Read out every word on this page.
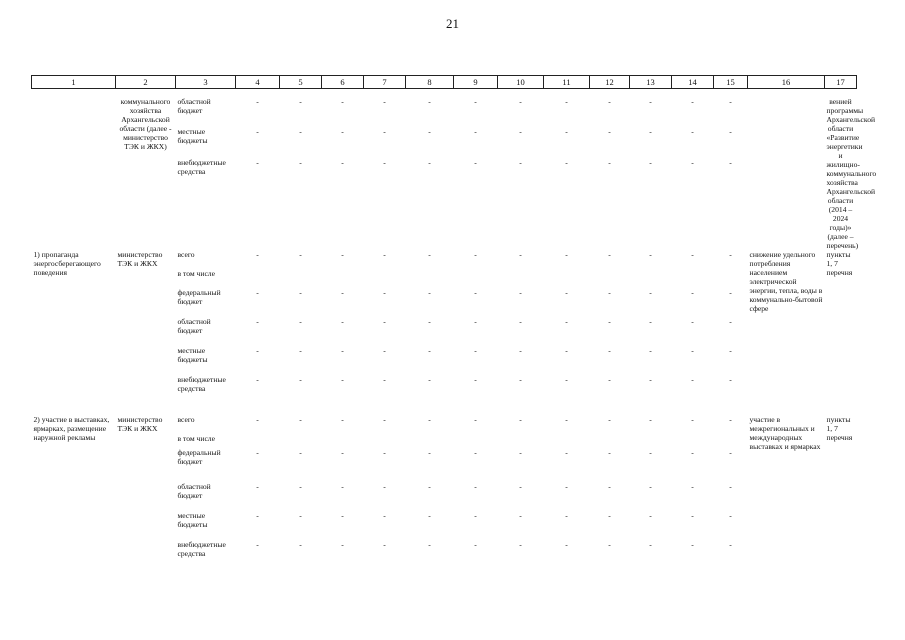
21
1	2	3	4	5	6	7	8	9	10	11	12	13	14	15	16	17

	коммунального хозяйства Архангельской области (далее - министерство ТЭК и ЖКХ)	областной бюджет	-	-	-	-	-	-	-	-	-	-	-	-		венией программы Архангельской области «Развитие энергетики и жилищно-коммунального хозяйства Архангельской области (2014 – 2024 годы)» (далее – перечень)
		местные бюджеты	-	-	-	-	-	-	-	-	-	-	-	-		
		внебюджетные средства	-	-	-	-	-	-	-	-	-	-	-	-		
1) пропаганда энергосберегающего поведения	министерство ТЭК и ЖКХ	всего	-	-	-	-	-	-	-	-	-	-	-	-	снижение удельного потребления населением электрической энергии, тепла, воды в коммунально-бытовой сфере	пункты 1, 7 перечня
		в том числе														
		федеральный бюджет	-	-	-	-	-	-	-	-	-	-	-	-		
		областной бюджет	-	-	-	-	-	-	-	-	-	-	-	-		
		местные бюджеты	-	-	-	-	-	-	-	-	-	-	-	-		
		внебюджетные средства	-	-	-	-	-	-	-	-	-	-	-	-		
2) участие в выставках, ярмарках, размещение наружной рекламы	министерство ТЭК и ЖКХ	всего	-	-	-	-	-	-	-	-	-	-	-	-	участие в межрегиональных и международных выставках и ярмарках	пункты 1, 7 перечня
		в том числе														
		федеральный бюджет	-	-	-	-	-	-	-	-	-	-	-	-		
		областной бюджет	-	-	-	-	-	-	-	-	-	-	-	-		
		местные бюджеты	-	-	-	-	-	-	-	-	-	-	-	-		
		внебюджетные средства	-	-	-	-	-	-	-	-	-	-	-	-		
